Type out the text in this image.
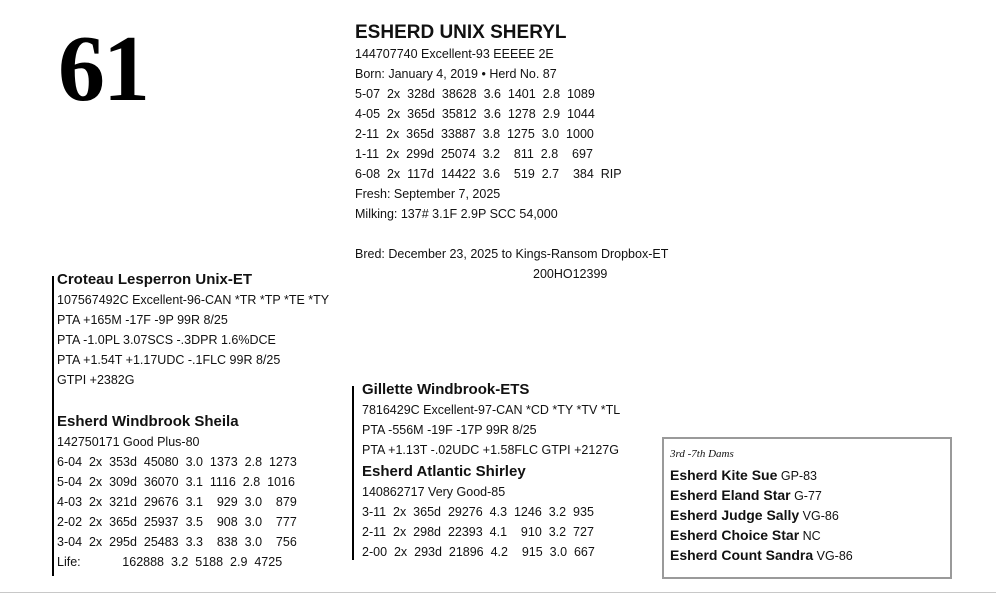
61	ESHERD UNIX SHERYL
144707740 Excellent-93 EEEEE 2E
Born: January 4, 2019 • Herd No. 87
5-07  2x  328d  38628  3.6  1401  2.8  1089
4-05  2x  365d  35812  3.6  1278  2.9  1044
2-11  2x  365d  33887  3.8  1275  3.0  1000
1-11  2x  299d  25074  3.2    811  2.8    697
6-08  2x  117d  14422  3.6    519  2.7    384  RIP
Fresh: September 7, 2025
Milking: 137# 3.1F 2.9P SCC 54,000
Bred: December 23, 2025 to Kings-Ransom Dropbox-ET
200HO12399
Croteau Lesperron Unix-ET
107567492C Excellent-96-CAN *TR *TP *TE *TY
PTA +165M -17F -9P 99R 8/25
PTA -1.0PL 3.07SCS -.3DPR 1.6%DCE
PTA +1.54T +1.17UDC -.1FLC 99R 8/25
GTPI +2382G
Esherd Windbrook Sheila
142750171 Good Plus-80
6-04  2x  353d  45080  3.0  1373  2.8  1273
5-04  2x  309d  36070  3.1  1116  2.8  1016
4-03  2x  321d  29676  3.1    929  3.0    879
2-02  2x  365d  25937  3.5    908  3.0    777
3-04  2x  295d  25483  3.3    838  3.0    756
Life:            162888  3.2  5188  2.9  4725
Gillette Windbrook-ETS
7816429C Excellent-97-CAN *CD *TY *TV *TL
PTA -556M -19F -17P 99R 8/25
PTA +1.13T -.02UDC +1.58FLC GTPI +2127G
Esherd Atlantic Shirley
140862717 Very Good-85
3-11  2x  365d  29276  4.3  1246  3.2  935
2-11  2x  298d  22393  4.1    910  3.2  727
2-00  2x  293d  21896  4.2    915  3.0  667
3rd -7th Dams
Esherd Kite Sue GP-83
Esherd Eland Star G-77
Esherd Judge Sally VG-86
Esherd Choice Star NC
Esherd Count Sandra VG-86
